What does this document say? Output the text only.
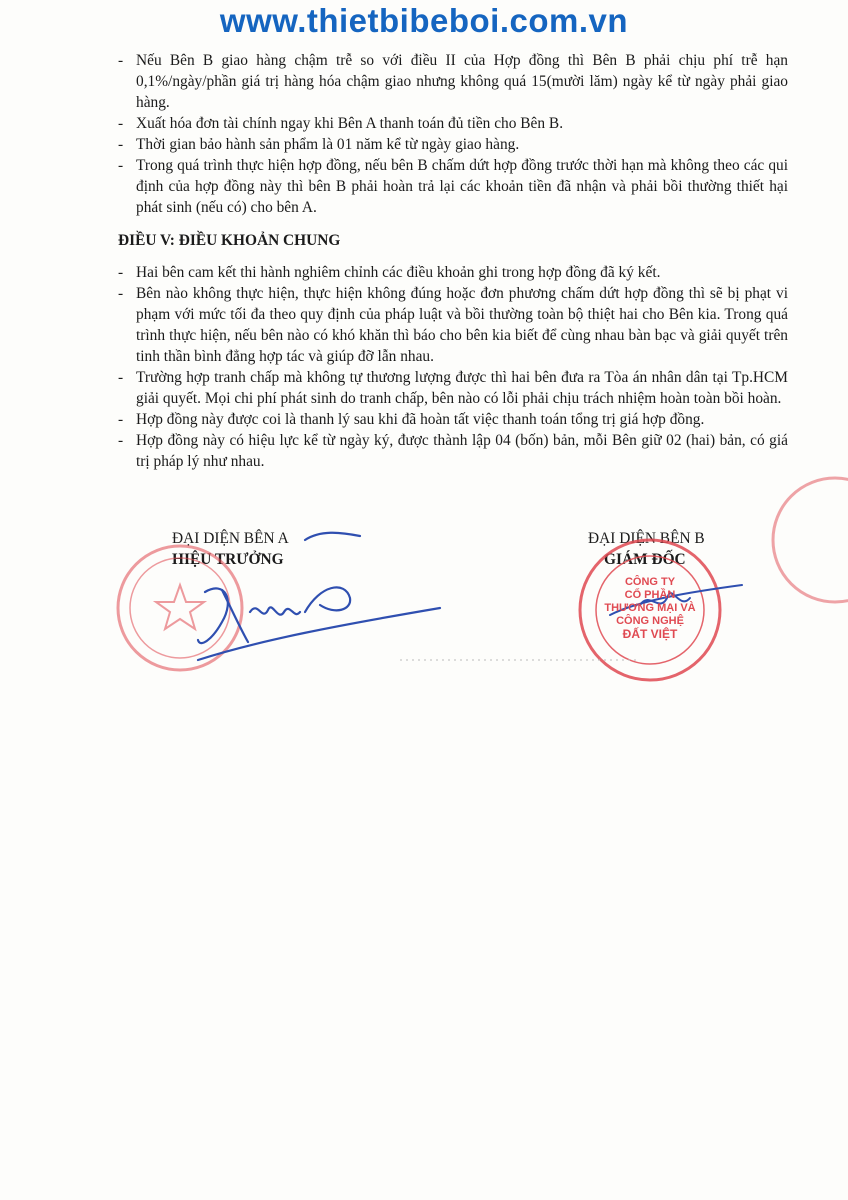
www.thietbibeboi.com.vn
- Nếu Bên B giao hàng chậm trễ so với điều II của Hợp đồng thì Bên B phải chịu phí trễ hạn 0,1%/ngày/phần giá trị hàng hóa chậm giao nhưng không quá 15(mười lăm) ngày kể từ ngày phải giao hàng.
- Xuất hóa đơn tài chính ngay khi Bên A thanh toán đủ tiền cho Bên B.
- Thời gian bảo hành sản phẩm là 01 năm kể từ ngày giao hàng.
- Trong quá trình thực hiện hợp đồng, nếu bên B chấm dứt hợp đồng trước thời hạn mà không theo các qui định của hợp đồng này thì bên B phải hoàn trả lại các khoản tiền đã nhận và phải bồi thường thiết hại phát sinh (nếu có) cho bên A.
ĐIỀU V: ĐIỀU KHOẢN CHUNG
- Hai bên cam kết thi hành nghiêm chỉnh các điều khoản ghi trong hợp đồng đã ký kết.
- Bên nào không thực hiện, thực hiện không đúng hoặc đơn phương chấm dứt hợp đồng thì sẽ bị phạt vi phạm với mức tối đa theo quy định của pháp luật và bồi thường toàn bộ thiệt hai cho Bên kia. Trong quá trình thực hiện, nếu bên nào có khó khăn thì báo cho bên kia biết để cùng nhau bàn bạc và giải quyết trên tinh thần bình đẳng hợp tác và giúp đỡ lẫn nhau.
- Trường hợp tranh chấp mà không tự thương lượng được thì hai bên đưa ra Tòa án nhân dân tại Tp.HCM giải quyết. Mọi chi phí phát sinh do tranh chấp, bên nào có lỗi phải chịu trách nhiệm hoàn toàn bồi hoàn.
- Hợp đồng này được coi là thanh lý sau khi đã hoàn tất việc thanh toán tổng trị giá hợp đồng.
- Hợp đồng này có hiệu lực kể từ ngày ký, được thành lập 04 (bốn) bản, mỗi Bên giữ 02 (hai) bản, có giá trị pháp lý như nhau.
ĐẠI DIỆN BÊN A
HIỆU TRƯỞNG
ĐẠI DIỆN BÊN B
GIÁM ĐỐC
CÔNG TY
CỔ PHẦN
THƯƠNG MẠI VÀ
CÔNG NGHỆ
ĐẤT VIỆT
